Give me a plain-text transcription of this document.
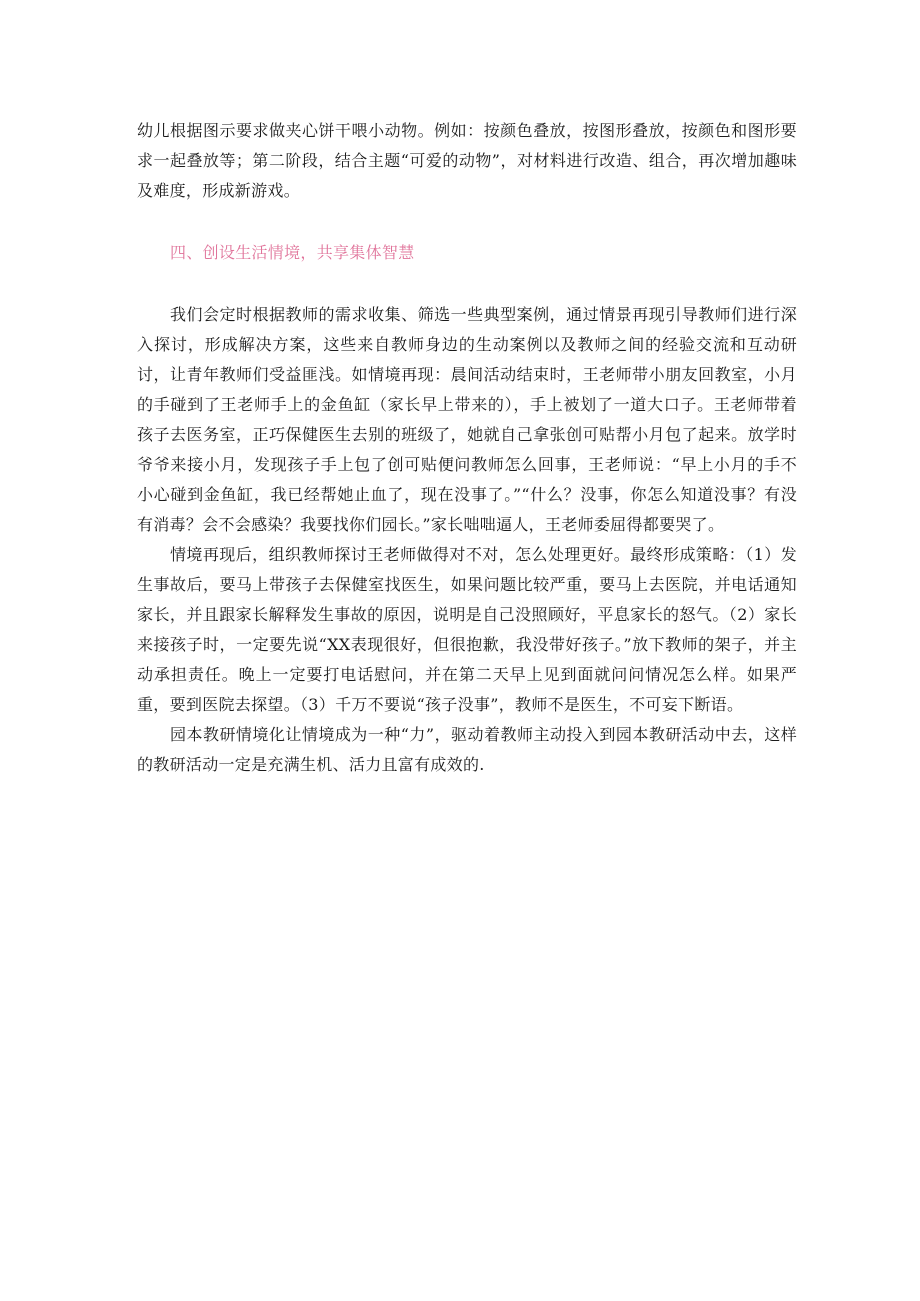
幼儿根据图示要求做夹心饼干喂小动物。例如：按颜色叠放，按图形叠放，按颜色和图形要求一起叠放等；第二阶段，结合主题“可爱的动物”，对材料进行改造、组合，再次增加趣味及难度，形成新游戏。

四、创设生活情境，共享集体智慧

我们会定时根据教师的需求收集、筛选一些典型案例，通过情景再现引导教师们进行深入探讨，形成解决方案，这些来自教师身边的生动案例以及教师之间的经验交流和互动研讨，让青年教师们受益匪浅。如情境再现：晨间活动结束时，王老师带小朋友回教室，小月的手碰到了王老师手上的金鱼缸（家长早上带来的），手上被划了一道大口子。王老师带着孩子去医务室，正巧保健医生去别的班级了，她就自己拿张创可贴帮小月包了起来。放学时爷爷来接小月，发现孩子手上包了创可贴便问教师怎么回事，王老师说：“早上小月的手不小心碰到金鱼缸，我已经帮她止血了，现在没事了。”“什么？没事，你怎么知道没事？有没有消毒？会不会感染？我要找你们园长。”家长咄咄逼人，王老师委屈得都要哭了。

情境再现后，组织教师探讨王老师做得对不对，怎么处理更好。最终形成策略：（1）发生事故后，要马上带孩子去保健室找医生，如果问题比较严重，要马上去医院，并电话通知家长，并且跟家长解释发生事故的原因，说明是自己没照顾好，平息家长的怒气。（2）家长来接孩子时，一定要先说“XX表现很好，但很抱歉，我没带好孩子。”放下教师的架子，并主动承担责任。晚上一定要打电话慰问，并在第二天早上见到面就问问情况怎么样。如果严重，要到医院去探望。（3）千万不要说“孩子没事”，教师不是医生，不可妄下断语。

园本教研情境化让情境成为一种“力”，驱动着教师主动投入到园本教研活动中去，这样的教研活动一定是充满生机、活力且富有成效的.
